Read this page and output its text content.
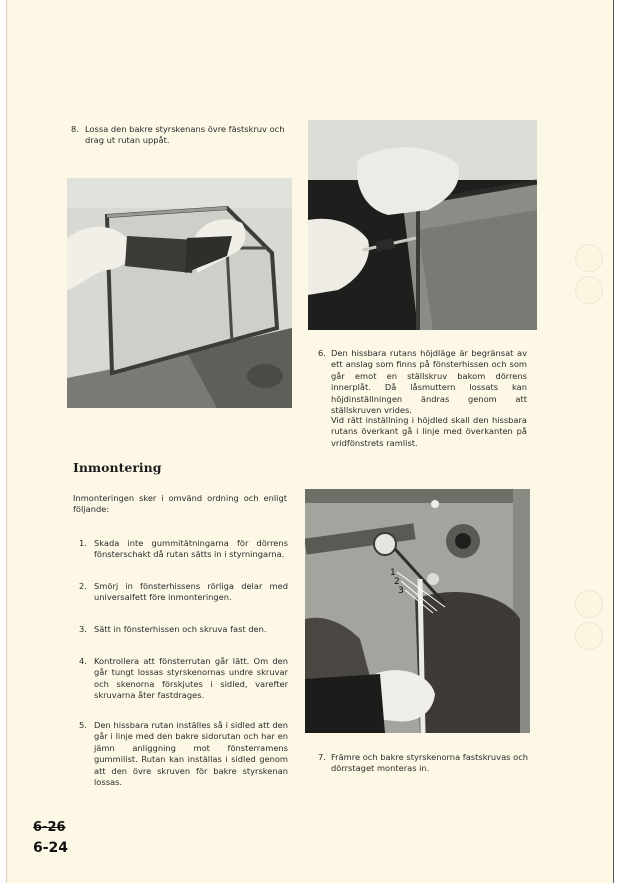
8. Lossa den bakre styrskenans övre fästskruv och drag ut rutan uppåt.
6. Den hissbara rutans höjdläge är begränsat av ett anslag som finns på fönsterhissen och som går emot en ställskruv bakom dörrens innerplåt. Då låsmuttern lossats kan höjdinställningen ändras genom att ställskruven vrides.
Vid rätt inställning i höjdled skall den hissbara rutans överkant gå i linje med överkanten på vridfönstrets ramlist.
Inmontering
Inmonteringen sker i omvänd ordning och enligt följande:
1. Skada inte gummitätningarna för dörrens fönsterschakt då rutan sätts in i styrningarna.
2. Smörj in fönsterhissens rörliga delar med universalfett före inmonteringen.
3. Sätt in fönsterhissen och skruva fast den.
4. Kontrollera att fönsterrutan går lätt. Om den går tungt lossas styrskenornas undre skruvar och skenorna förskjutes i sidled, varefter skruvarna åter fastdrages.
5. Den hissbara rutan inställes så i sidled att den går i linje med den bakre sidorutan och har en jämn anliggning mot fönsterramens gummilist. Rutan kan inställas i sidled genom att den övre skruven för bakre styrskenan lossas.
1
2
3
7. Främre och bakre styrskenorna fastskruvas och dörrstaget monteras in.
6-26
6-24
